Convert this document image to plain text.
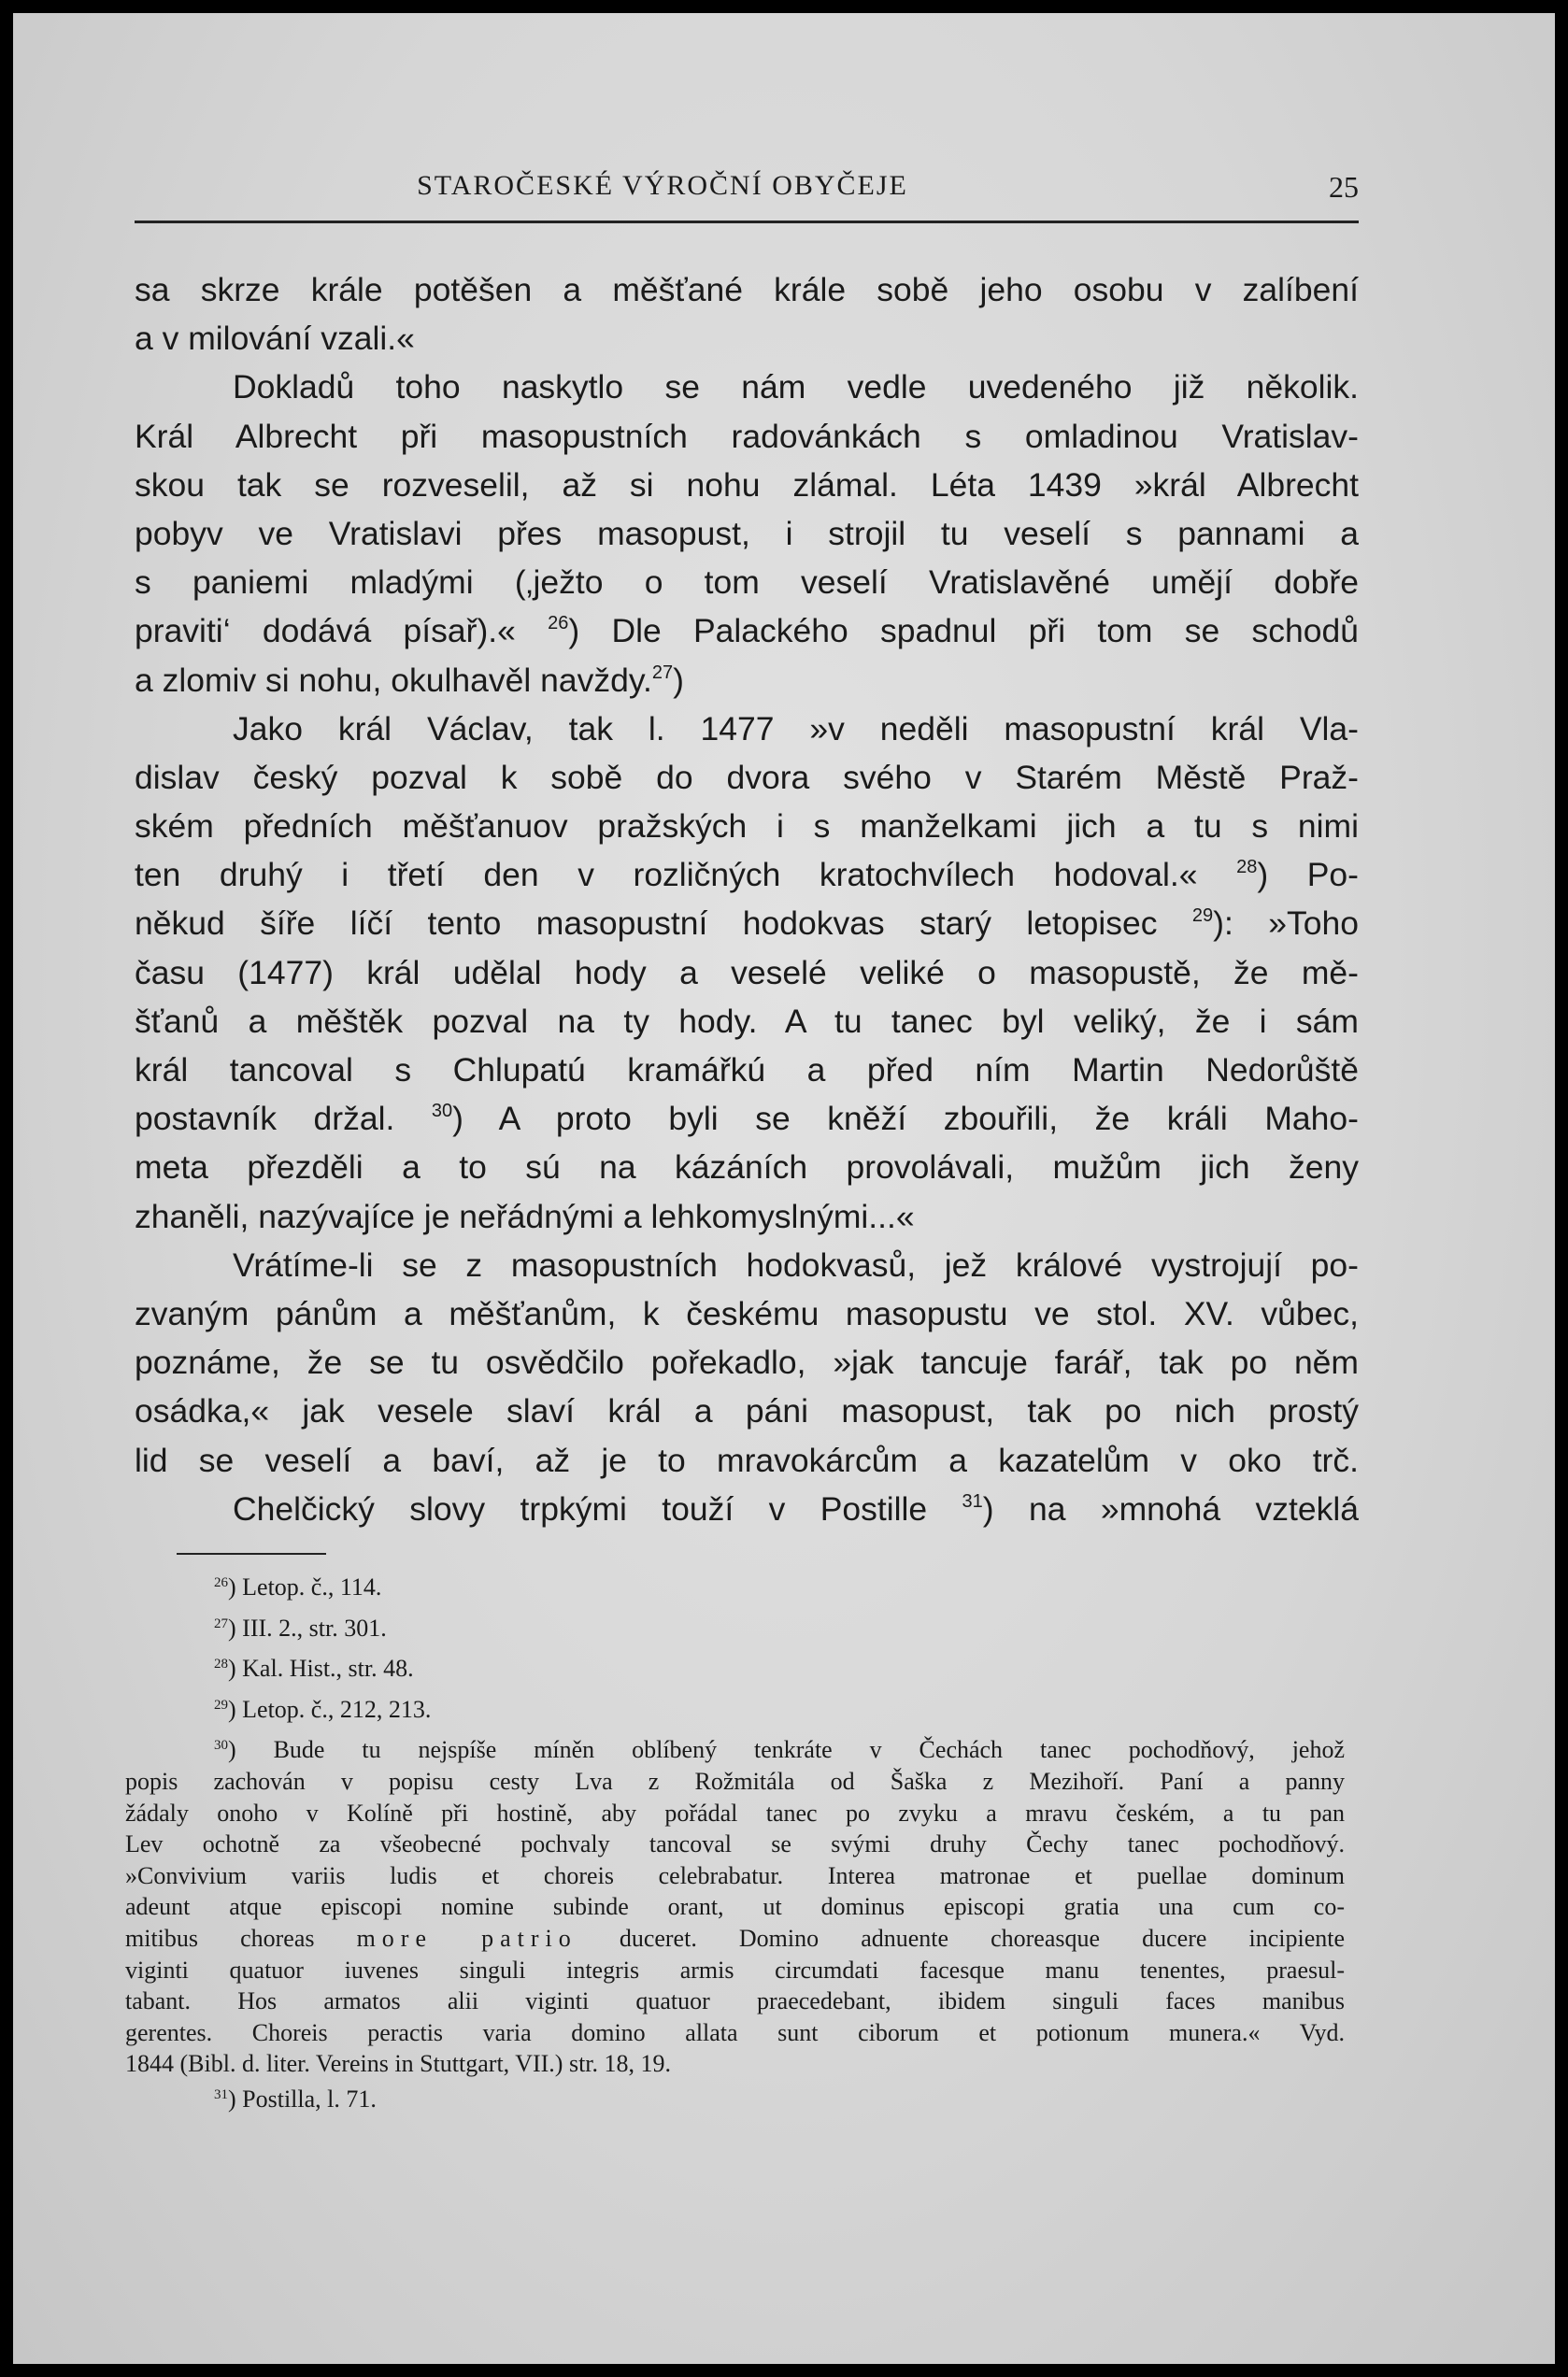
STAROČESKÉ VÝROČNÍ OBYČEJE	25
sa skrze krále potěšen a měšťané krále sobě jeho osobu v zalíbení
a v milování vzali.«
Dokladů toho naskytlo se nám vedle uvedeného již několik.
Král Albrecht při masopustních radovánkách s omladinou Vratislav-
skou tak se rozveselil, až si nohu zlámal. Léta 1439 »král Albrecht
pobyv ve Vratislavi přes masopust, i strojil tu veselí s pannami a
s paniemi mladými (‚ježto o tom veselí Vratislavěné umějí dobře
praviti‘ dodává písař).« $^{26}$) Dle Palackého spadnul při tom se schodů
a zlomiv si nohu, okulhavěl navždy.$^{27}$)
Jako král Václav, tak l. 1477 »v neděli masopustní král Vla-
dislav český pozval k sobě do dvora svého v Starém Městě Praž-
ském předních měšťanuov pražských i s manželkami jich a tu s nimi
ten druhý i třetí den v rozličných kratochvílech hodoval.« $^{28}$) Po-
někud šíře líčí tento masopustní hodokvas starý letopisec $^{29}$): »Toho
času (1477) král udělal hody a veselé veliké o masopustě, že mě-
šťanů a měštěk pozval na ty hody. A tu tanec byl veliký, že i sám
král tancoval s Chlupatú kramářkú a před ním Martin Nedorůště
postavník držal. $^{30}$) A proto byli se kněží zbouřili, že králi Maho-
meta přezděli a to sú na kázáních provolávali, mužům jich ženy
zhaněli, nazývajíce je neřádnými a lehkomyslnými...«
Vrátíme-li se z masopustních hodokvasů, jež králové vystrojují po-
zvaným pánům a měšťanům, k českému masopustu ve stol. XV. vůbec,
poznáme, že se tu osvědčilo pořekadlo, »jak tancuje farář, tak po něm
osádka,« jak vesele slaví král a páni masopust, tak po nich prostý
lid se veselí a baví, až je to mravokárcům a kazatelům v oko trč.
Chelčický slovy trpkými touží v Postille $^{31}$) na »mnohá vzteklá
$^{26}$) Letop. č., 114.
$^{27}$) III. 2., str. 301.
$^{28}$) Kal. Hist., str. 48.
$^{29}$) Letop. č., 212, 213.
$^{30}$) Bude tu nejspíše míněn oblíbený tenkráte v Čechách tanec pochodňový, jehož
popis zachován v popisu cesty Lva z Rožmitála od Šaška z Mezihoří. Paní a panny
žádaly onoho v Kolíně při hostině, aby pořádal tanec po zvyku a mravu českém, a tu pan
Lev ochotně za všeobecné pochvaly tancoval se svými druhy Čechy tanec pochodňový.
»Convivium variis ludis et choreis celebrabatur. Interea matronae et puellae dominum
adeunt atque episcopi nomine subinde orant, ut dominus episcopi gratia una cum co-
mitibus choreas more patrio duceret. Domino adnuente choreasque ducere incipiente
viginti quatuor iuvenes singuli integris armis circumdati facesque manu tenentes, praesul-
tabant. Hos armatos alii viginti quatuor praecedebant, ibidem singuli faces manibus
gerentes. Choreis peractis varia domino allata sunt ciborum et potionum munera.« Vyd.
1844 (Bibl. d. liter. Vereins in Stuttgart, VII.) str. 18, 19.
$^{31}$) Postilla, l. 71.
